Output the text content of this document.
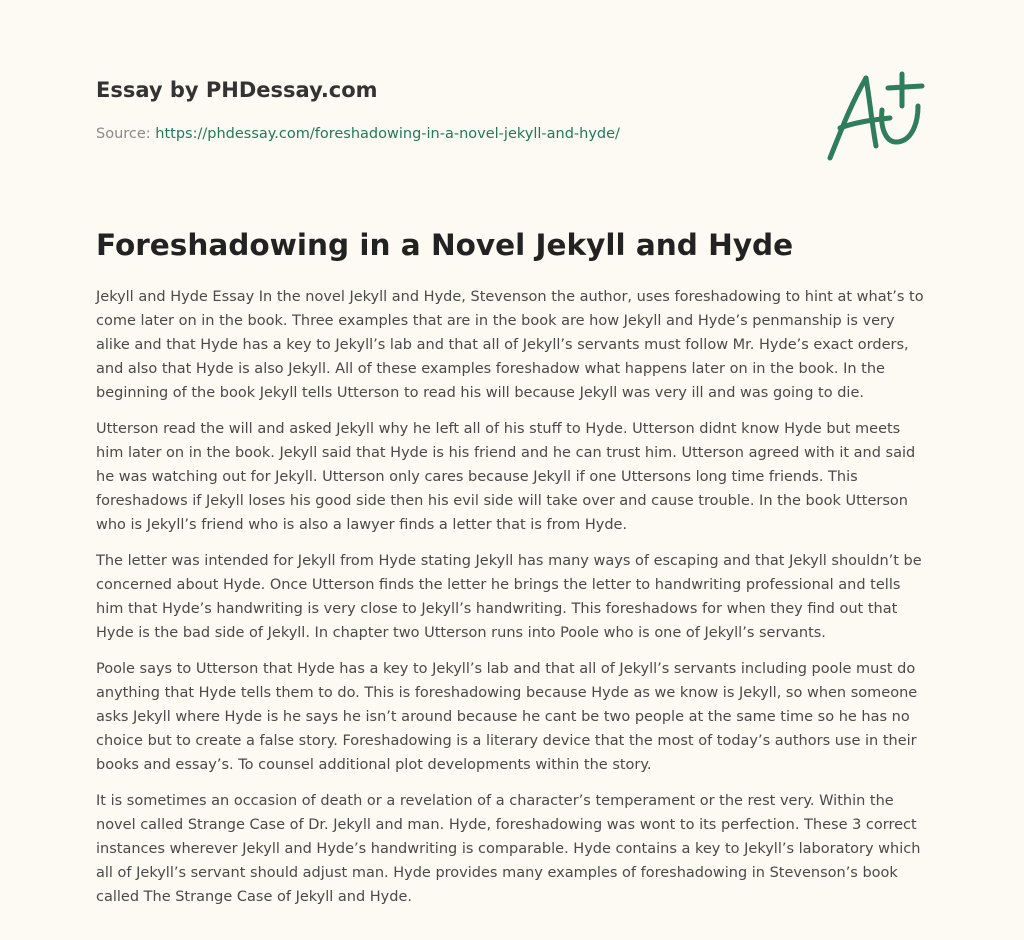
Essay by PHDessay.com
Source: https://phdessay.com/foreshadowing-in-a-novel-jekyll-and-hyde/
Foreshadowing in a Novel Jekyll and Hyde

Jekyll and Hyde Essay In the novel Jekyll and Hyde, Stevenson the author, uses foreshadowing to hint at what’s to come later on in the book. Three examples that are in the book are how Jekyll and Hyde’s penmanship is very alike and that Hyde has a key to Jekyll’s lab and that all of Jekyll’s servants must follow Mr. Hyde’s exact orders, and also that Hyde is also Jekyll. All of these examples foreshadow what happens later on in the book. In the beginning of the book Jekyll tells Utterson to read his will because Jekyll was very ill and was going to die.

Utterson read the will and asked Jekyll why he left all of his stuff to Hyde. Utterson didnt know Hyde but meets him later on in the book. Jekyll said that Hyde is his friend and he can trust him. Utterson agreed with it and said he was watching out for Jekyll. Utterson only cares because Jekyll if one Uttersons long time friends. This foreshadows if Jekyll loses his good side then his evil side will take over and cause trouble. In the book Utterson who is Jekyll’s friend who is also a lawyer finds a letter that is from Hyde.

The letter was intended for Jekyll from Hyde stating Jekyll has many ways of escaping and that Jekyll shouldn’t be concerned about Hyde. Once Utterson finds the letter he brings the letter to handwriting professional and tells him that Hyde’s handwriting is very close to Jekyll’s handwriting. This foreshadows for when they find out that Hyde is the bad side of Jekyll. In chapter two Utterson runs into Poole who is one of Jekyll’s servants.

Poole says to Utterson that Hyde has a key to Jekyll’s lab and that all of Jekyll’s servants including poole must do anything that Hyde tells them to do. This is foreshadowing because Hyde as we know is Jekyll, so when someone asks Jekyll where Hyde is he says he isn’t around because he cant be two people at the same time so he has no choice but to create a false story. Foreshadowing is a literary device that the most of today’s authors use in their books and essay’s. To counsel additional plot developments within the story.

It is sometimes an occasion of death or a revelation of a character’s temperament or the rest very. Within the novel called Strange Case of Dr. Jekyll and man. Hyde, foreshadowing was wont to its perfection. These 3 correct instances wherever Jekyll and Hyde’s handwriting is comparable. Hyde contains a key to Jekyll’s laboratory which all of Jekyll’s servant should adjust man. Hyde provides many examples of foreshadowing in Stevenson’s book called The Strange Case of Jekyll and Hyde.
